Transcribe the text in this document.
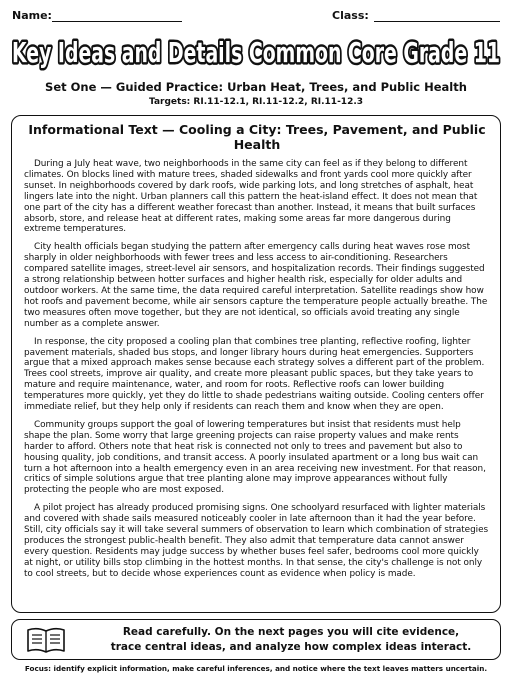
Name:	Class:
Key Ideas and Details Common Core Grade 11
Set One — Guided Practice: Urban Heat, Trees, and Public Health
Targets: RI.11-12.1, RI.11-12.2, RI.11-12.3
Informational Text — Cooling a City: Trees, Pavement, and Public Health

During a July heat wave, two neighborhoods in the same city can feel as if they belong to different climates. On blocks lined with mature trees, shaded sidewalks and front yards cool more quickly after sunset. In neighborhoods covered by dark roofs, wide parking lots, and long stretches of asphalt, heat lingers late into the night. Urban planners call this pattern the heat-island effect. It does not mean that one part of the city has a different weather forecast than another. Instead, it means that built surfaces absorb, store, and release heat at different rates, making some areas far more dangerous during extreme temperatures.

City health officials began studying the pattern after emergency calls during heat waves rose most sharply in older neighborhoods with fewer trees and less access to air-conditioning. Researchers compared satellite images, street-level air sensors, and hospitalization records. Their findings suggested a strong relationship between hotter surfaces and higher health risk, especially for older adults and outdoor workers. At the same time, the data required careful interpretation. Satellite readings show how hot roofs and pavement become, while air sensors capture the temperature people actually breathe. The two measures often move together, but they are not identical, so officials avoid treating any single number as a complete answer.

In response, the city proposed a cooling plan that combines tree planting, reflective roofing, lighter pavement materials, shaded bus stops, and longer library hours during heat emergencies. Supporters argue that a mixed approach makes sense because each strategy solves a different part of the problem. Trees cool streets, improve air quality, and create more pleasant public spaces, but they take years to mature and require maintenance, water, and room for roots. Reflective roofs can lower building temperatures more quickly, yet they do little to shade pedestrians waiting outside. Cooling centers offer immediate relief, but they help only if residents can reach them and know when they are open.

Community groups support the goal of lowering temperatures but insist that residents must help shape the plan. Some worry that large greening projects can raise property values and make rents harder to afford. Others note that heat risk is connected not only to trees and pavement but also to housing quality, job conditions, and transit access. A poorly insulated apartment or a long bus wait can turn a hot afternoon into a health emergency even in an area receiving new investment. For that reason, critics of simple solutions argue that tree planting alone may improve appearances without fully protecting the people who are most exposed.

A pilot project has already produced promising signs. One schoolyard resurfaced with lighter materials and covered with shade sails measured noticeably cooler in late afternoon than it had the year before. Still, city officials say it will take several summers of observation to learn which combination of strategies produces the strongest public-health benefit. They also admit that temperature data cannot answer every question. Residents may judge success by whether buses feel safer, bedrooms cool more quickly at night, or utility bills stop climbing in the hottest months. In that sense, the city's challenge is not only to cool streets, but to decide whose experiences count as evidence when policy is made.

Read carefully. On the next pages you will cite evidence,
trace central ideas, and analyze how complex ideas interact.
Focus: identify explicit information, make careful inferences, and notice where the text leaves matters uncertain.
